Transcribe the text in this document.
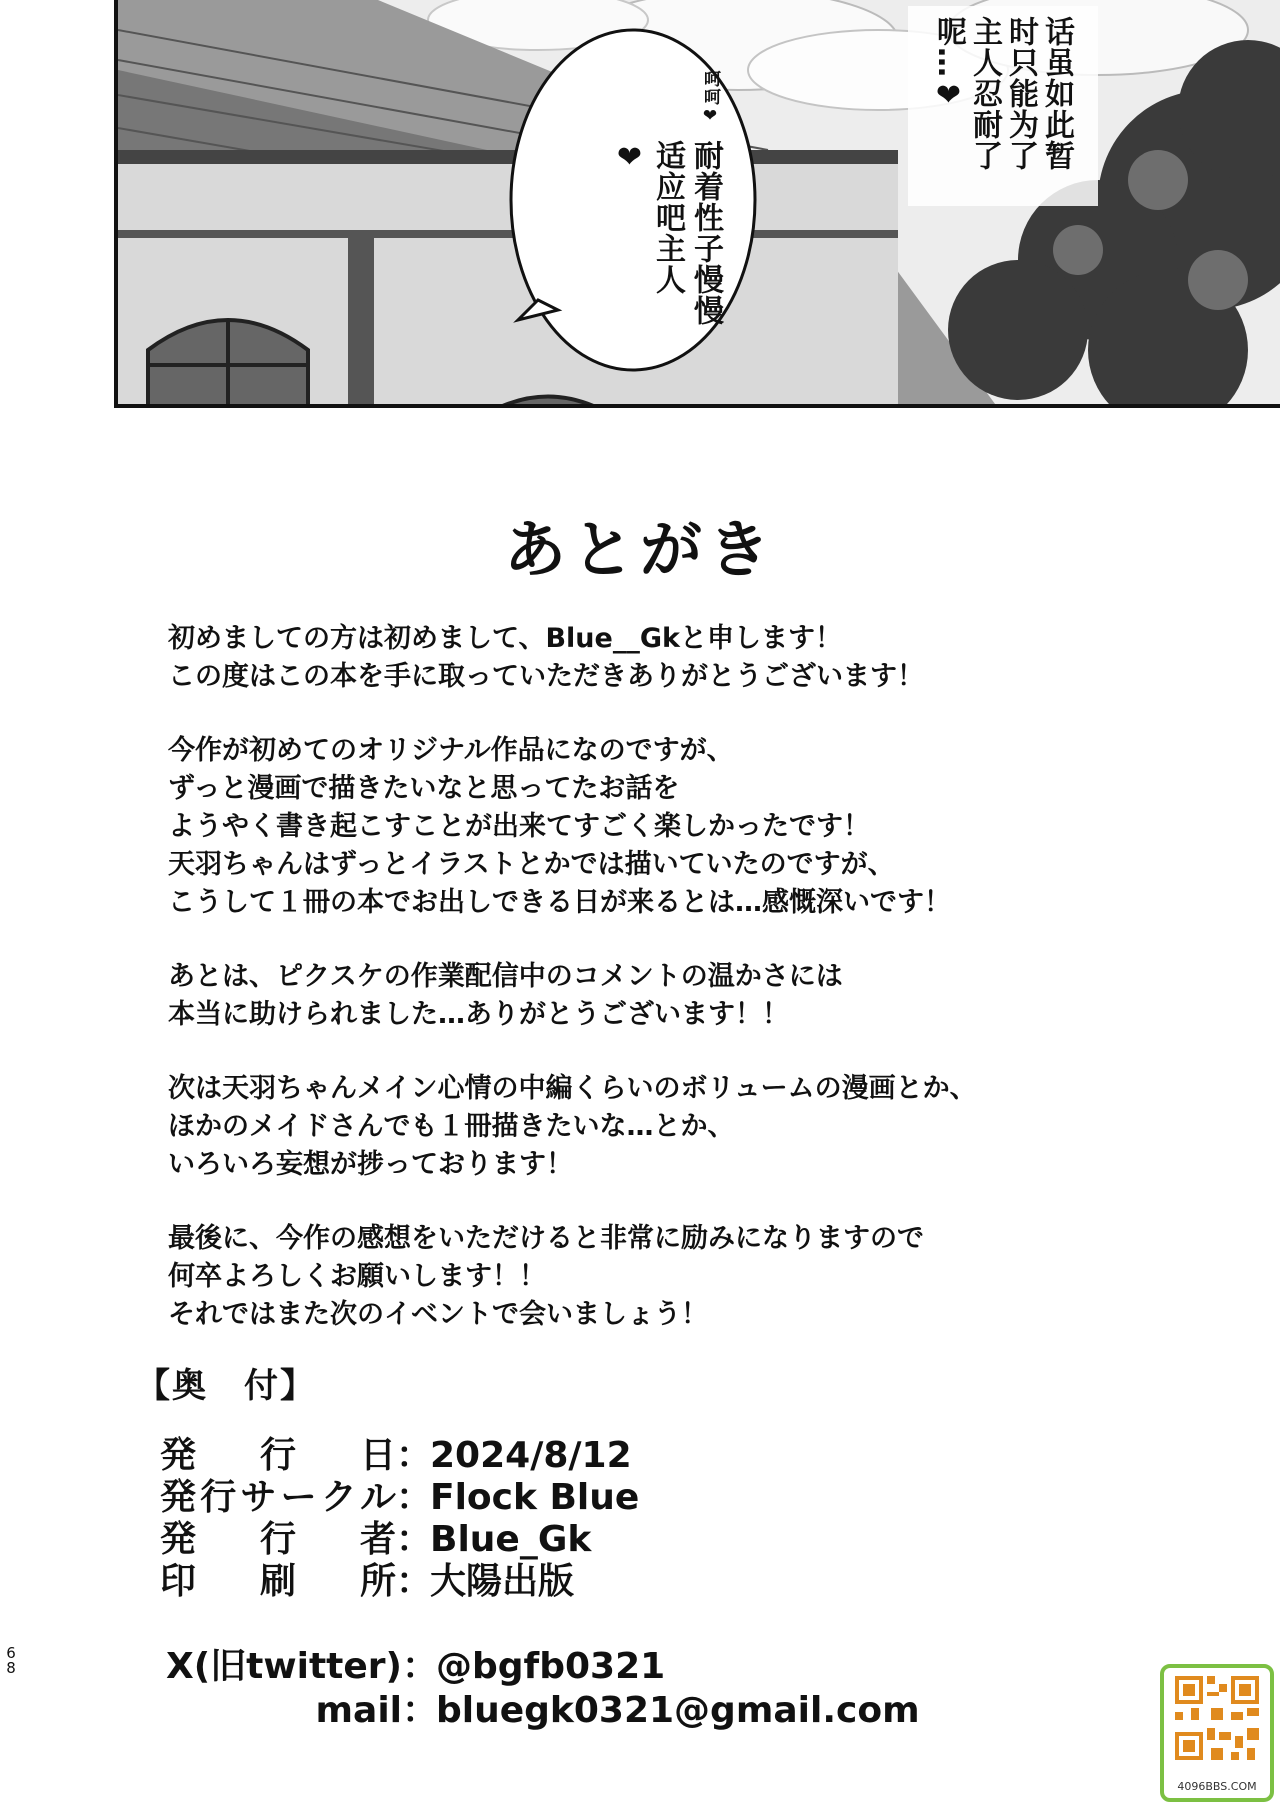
呵呵❤
耐着性子慢慢适应吧主人❤	话虽如此暂时只能为了主人忍耐了呢…❤
あとがき
初めましての方は初めまして、Blue__Gkと申します！
この度はこの本を手に取っていただきありがとうございます！
今作が初めてのオリジナル作品になのですが、
ずっと漫画で描きたいなと思ってたお話を
ようやく書き起こすことが出来てすごく楽しかったです！
天羽ちゃんはずっとイラストとかでは描いていたのですが、
こうして１冊の本でお出しできる日が来るとは…感慨深いです！
あとは、ピクスケの作業配信中のコメントの温かさには
本当に助けられました…ありがとうございます！！
次は天羽ちゃんメイン心情の中編くらいのボリュームの漫画とか、
ほかのメイドさんでも１冊描きたいな…とか、
いろいろ妄想が捗っております！
最後に、今作の感想をいただけると非常に励みになりますので
何卒よろしくお願いします！！
それではまた次のイベントで会いましょう！
【奥　付】
発行日：2024/8/12
発行サークル：Flock Blue
発行者：Blue_Gk
印刷所：大陽出版
X(旧twitter)：@bgfb0321
mail：bluegk0321@gmail.com
6
8
4096BBS.COM
